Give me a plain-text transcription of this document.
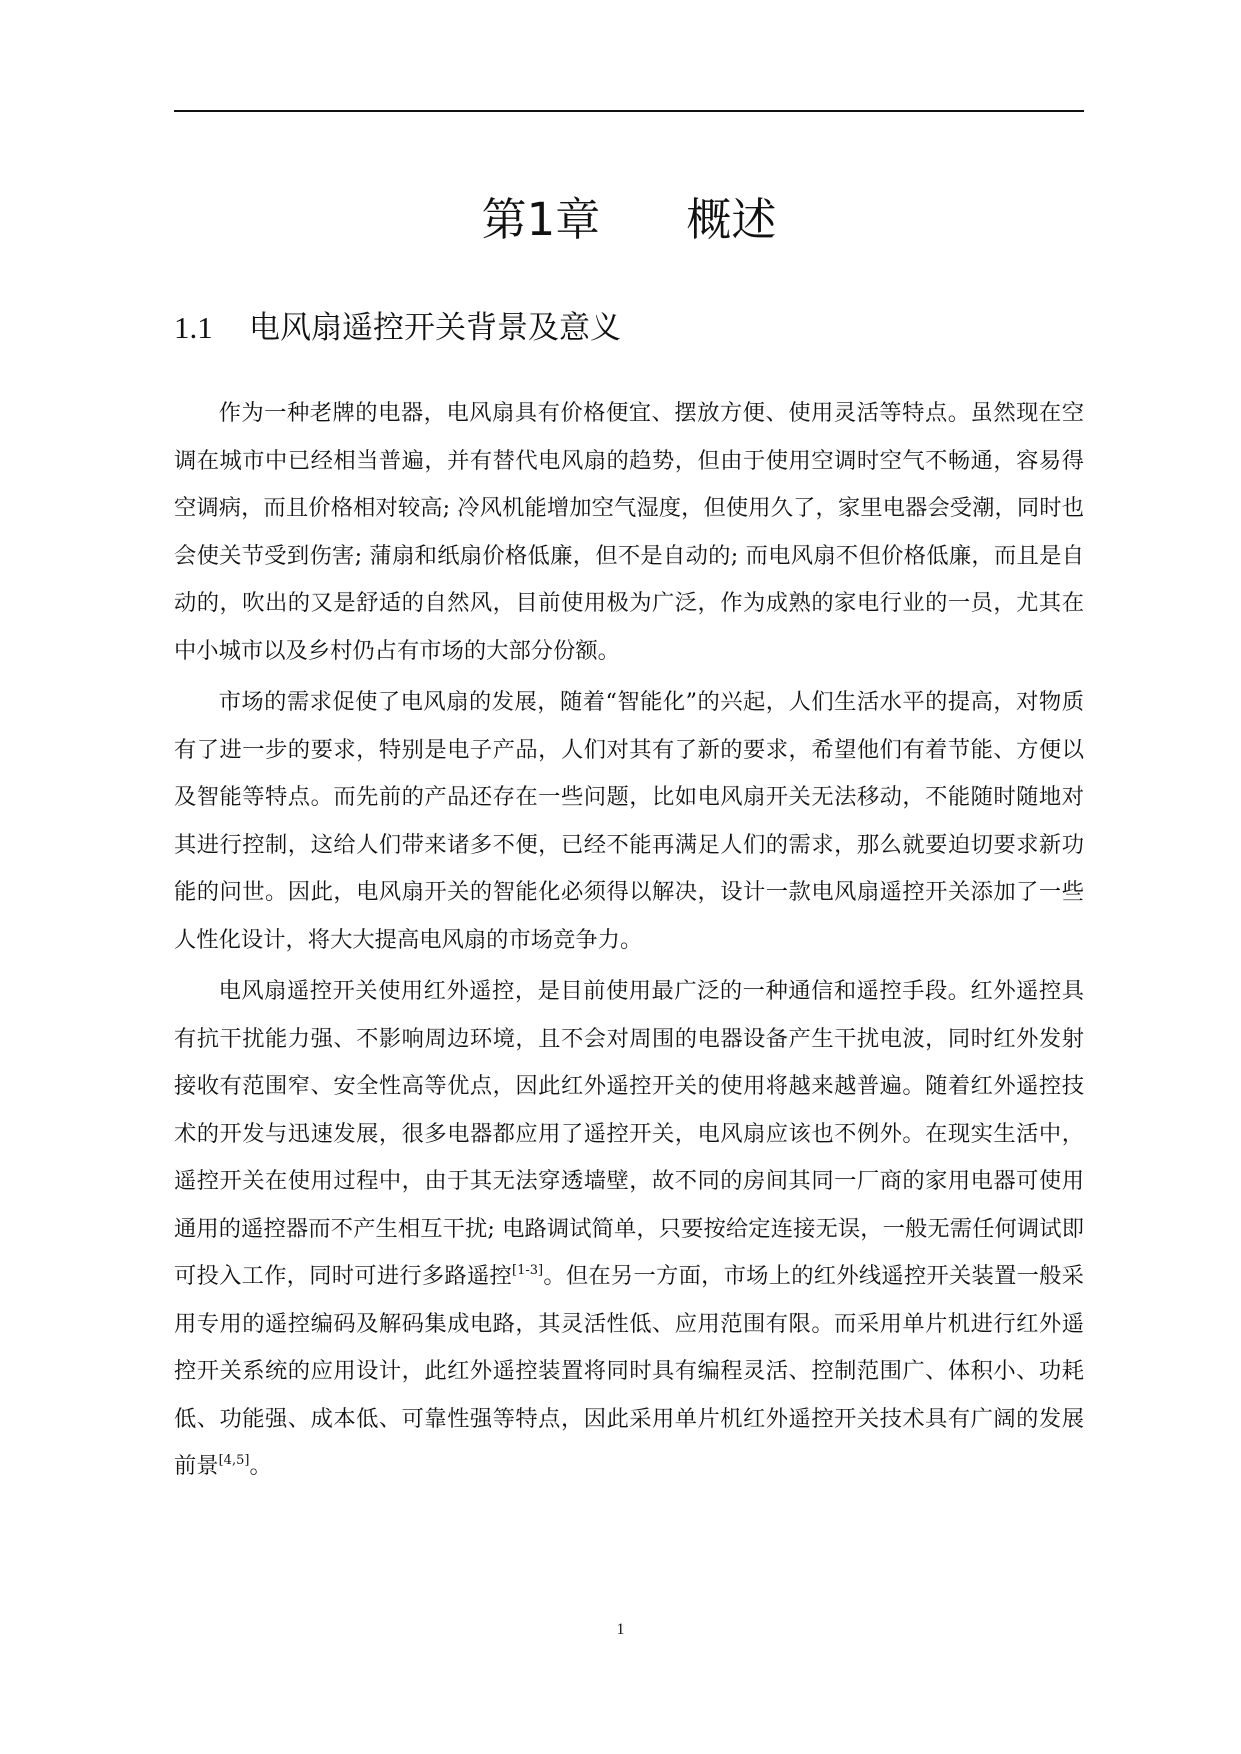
第1章 概述
1.1 电风扇遥控开关背景及意义

作为一种老牌的电器，电风扇具有价格便宜、摆放方便、使用灵活等特点。虽然现在空调在城市中已经相当普遍，并有替代电风扇的趋势，但由于使用空调时空气不畅通，容易得空调病，而且价格相对较高; 冷风机能增加空气湿度，但使用久了，家里电器会受潮，同时也会使关节受到伤害; 蒲扇和纸扇价格低廉，但不是自动的; 而电风扇不但价格低廉，而且是自动的，吹出的又是舒适的自然风，目前使用极为广泛，作为成熟的家电行业的一员，尤其在中小城市以及乡村仍占有市场的大部分份额。

市场的需求促使了电风扇的发展，随着“智能化”的兴起，人们生活水平的提高，对物质有了进一步的要求，特别是电子产品，人们对其有了新的要求，希望他们有着节能、方便以及智能等特点。而先前的产品还存在一些问题，比如电风扇开关无法移动，不能随时随地对其进行控制，这给人们带来诸多不便，已经不能再满足人们的需求，那么就要迫切要求新功能的问世。因此，电风扇开关的智能化必须得以解决，设计一款电风扇遥控开关添加了一些人性化设计，将大大提高电风扇的市场竞争力。

电风扇遥控开关使用红外遥控，是目前使用最广泛的一种通信和遥控手段。红外遥控具有抗干扰能力强、不影响周边环境，且不会对周围的电器设备产生干扰电波，同时红外发射接收有范围窄、安全性高等优点，因此红外遥控开关的使用将越来越普遍。随着红外遥控技术的开发与迅速发展，很多电器都应用了遥控开关，电风扇应该也不例外。在现实生活中，遥控开关在使用过程中，由于其无法穿透墙壁，故不同的房间其同一厂商的家用电器可使用通用的遥控器而不产生相互干扰; 电路调试简单，只要按给定连接无误，一般无需任何调试即可投入工作，同时可进行多路遥控[1-3]。但在另一方面，市场上的红外线遥控开关装置一般采用专用的遥控编码及解码集成电路，其灵活性低、应用范围有限。而采用单片机进行红外遥控开关系统的应用设计，此红外遥控装置将同时具有编程灵活、控制范围广、体积小、功耗低、功能强、成本低、可靠性强等特点，因此采用单片机红外遥控开关技术具有广阔的发展前景[4,5]。

1
